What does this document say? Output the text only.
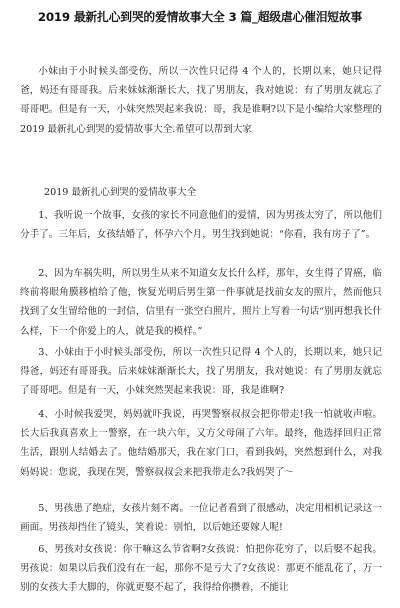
2019 最新扎心到哭的爱情故事大全 3 篇_超级虐心催泪短故事

小妹由于小时候头部受伤，所以一次性只记得 4 个人的，长期以来，她只记得爸，妈还有哥哥我。后来妹妹渐渐长大，找了男朋友，我对她说：有了男朋友就忘了哥哥吧。但是有一天，小妹突然哭起来我说：哥，我是谁啊?以下是小编给大家整理的 2019 最新扎心到哭的爱情故事大全.希望可以帮到大家

2019 最新扎心到哭的爱情故事大全

1、我听说一个故事，女孩的家长不同意他们的爱情，因为男孩太穷了，所以他们分手了。三年后，女孩结婚了，怀孕六个月，男生找到她说：“你看，我有房子了”。

2、因为车祸失明，所以男生从来不知道女友长什么样，那年，女生得了胃癌，临终前将眼角膜移植给了他，恢复光明后男生第一件事就是找前女友的照片，然而他只找到了女生留给他的一封信，信里有一张空白照片，照片上写着一句话“别再想我长什么样，下一个你爱上的人，就是我的模样。”

3、小妹由于小时候头部受伤，所以一次性只记得 4 个人的，长期以来，她只记得爸，妈还有哥哥我。后来妹妹渐渐长大，找了男朋友，我对她说：有了男朋友就忘了哥哥吧。但是有一天，小妹突然哭起来我说：哥，我是谁啊?

4、小时候我爱哭，妈妈就吓我说，再哭警察叔叔会把你带走!我一怕就收声啦。长大后我真喜欢上一警察，在一块六年，又方父母闹了六年。最终，他选择回归正常生活，跟别人结婚去了。他结婚那天，我在家门口，看到我妈，突然想到什么，对我妈妈说：您说，我现在哭，警察叔叔会来把我带走么?我妈哭了～

5、男孩患了绝症，女孩片刻不离。一位记者看到了很感动，决定用相机记录这一画面。男孩却挡住了镜头，笑着说：别怕，以后她还要嫁人呢!

6、男孩对女孩说：你干嘛这么节省啊?女孩说：怕把你花穷了，以后娶不起我。男孩说：如果以后我们没有在一起，那你不是亏大了?女孩说：那更不能乱花了，万一别的女孩大手大脚的，你就更娶不起了，我得给你攒着，不能让
